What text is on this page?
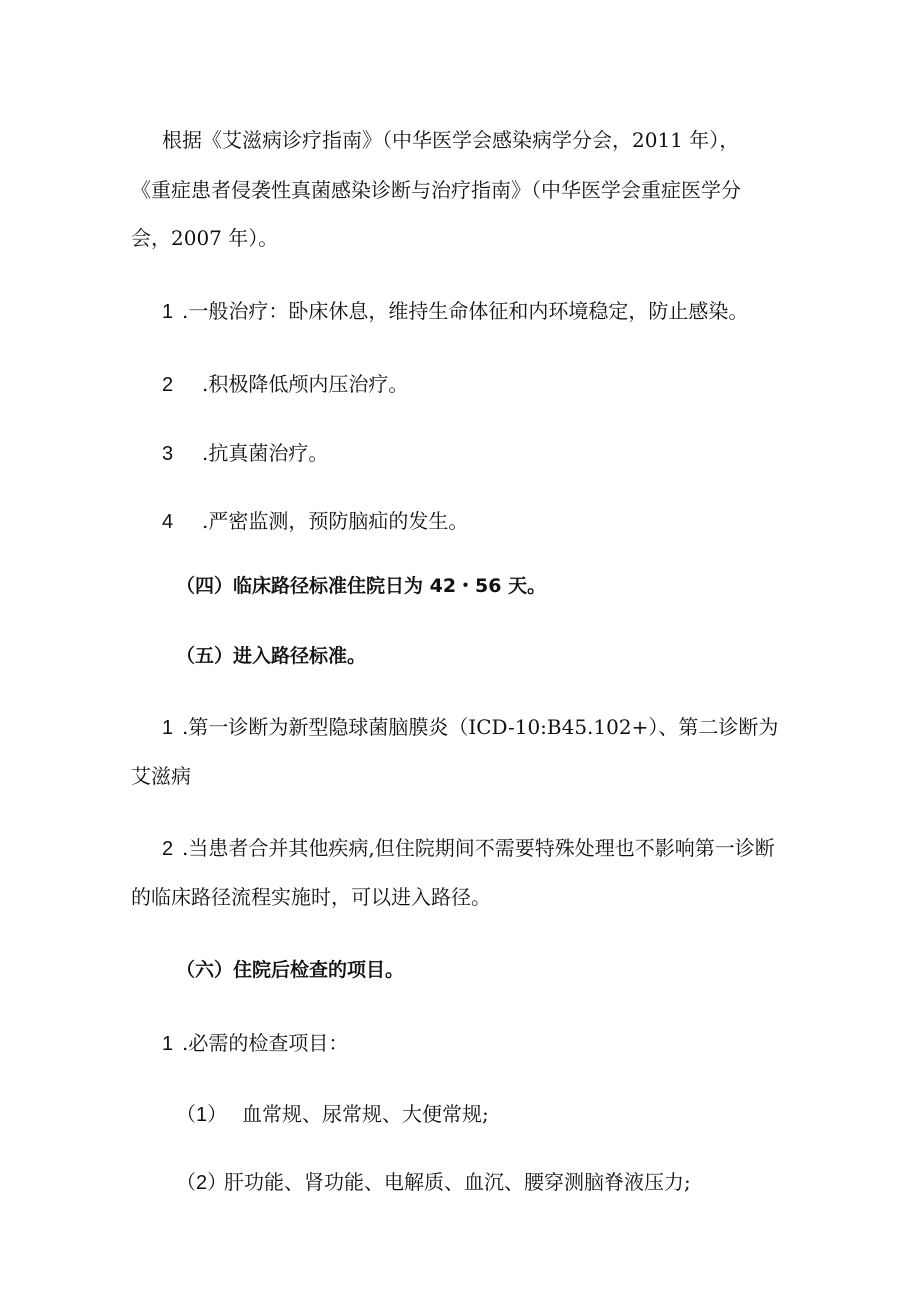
根据《艾滋病诊疗指南》（中华医学会感染病学分会，2011 年），
《重症患者侵袭性真菌感染诊断与治疗指南》（中华医学会重症医学分
会，2007 年）。
1 .一般治疗：卧床休息，维持生命体征和内环境稳定，防止感染。
2 .积极降低颅内压治疗。
3 .抗真菌治疗。
4 .严密监测，预防脑疝的发生。
（四）临床路径标准住院日为 42・56 天。
（五）进入路径标准。
1 .第一诊断为新型隐球菌脑膜炎（ICD-10:B45.102+）、第二诊断为
艾滋病
2 .当患者合并其他疾病,但住院期间不需要特殊处理也不影响第一诊断
的临床路径流程实施时，可以进入路径。
（六）住院后检查的项目。
1 .必需的检查项目：
（1） 血常规、尿常规、大便常规;
（2）肝功能、肾功能、电解质、血沉、腰穿测脑脊液压力;
